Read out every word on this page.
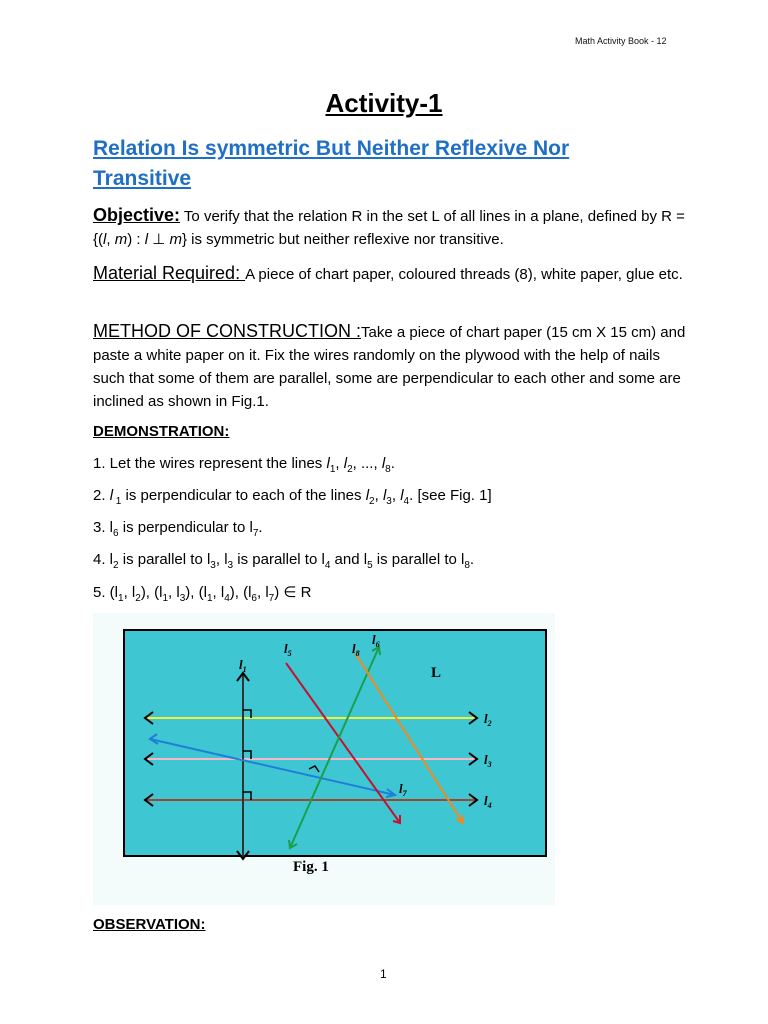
Math Activity Book - 12
Activity-1
Relation Is symmetric But Neither Reflexive Nor Transitive

Objective: To verify that the relation R in the set L of all lines in a plane, defined by R = {(l, m) : l ⊥ m} is symmetric but neither reflexive nor transitive.

Material Required: A piece of chart paper, coloured threads (8), white paper, glue etc.

METHOD OF CONSTRUCTION :Take a piece of chart paper (15 cm X 15 cm) and paste a white paper on it. Fix the wires randomly on the plywood with the help of nails such that some of them are parallel, some are perpendicular to each other and some are inclined as shown in Fig.1.

DEMONSTRATION:

1. Let the wires represent the lines $l_1$, $l_2$, ..., $l_8$.

2. l $_1$ is perpendicular to each of the lines $l_2$, $l_3$, $l_4$. [see Fig. 1]

3. $l_6$ is perpendicular to $l_7$.

4. $l_2$ is parallel to $l_3$, $l_3$ is parallel to $l_4$ and $l_5$ is parallel to $l_8$.

5. ($l_1$, $l_2$), ($l_1$, $l_3$), ($l_1$, $l_4$), ($l_6$, $l_7$) ∈ R

$l_1$
$l_2$
$l_3$
$l_4$
$l_5$
$l_6$
$l_7$
$l_8$
L
Fig. 1

OBSERVATION:

1
